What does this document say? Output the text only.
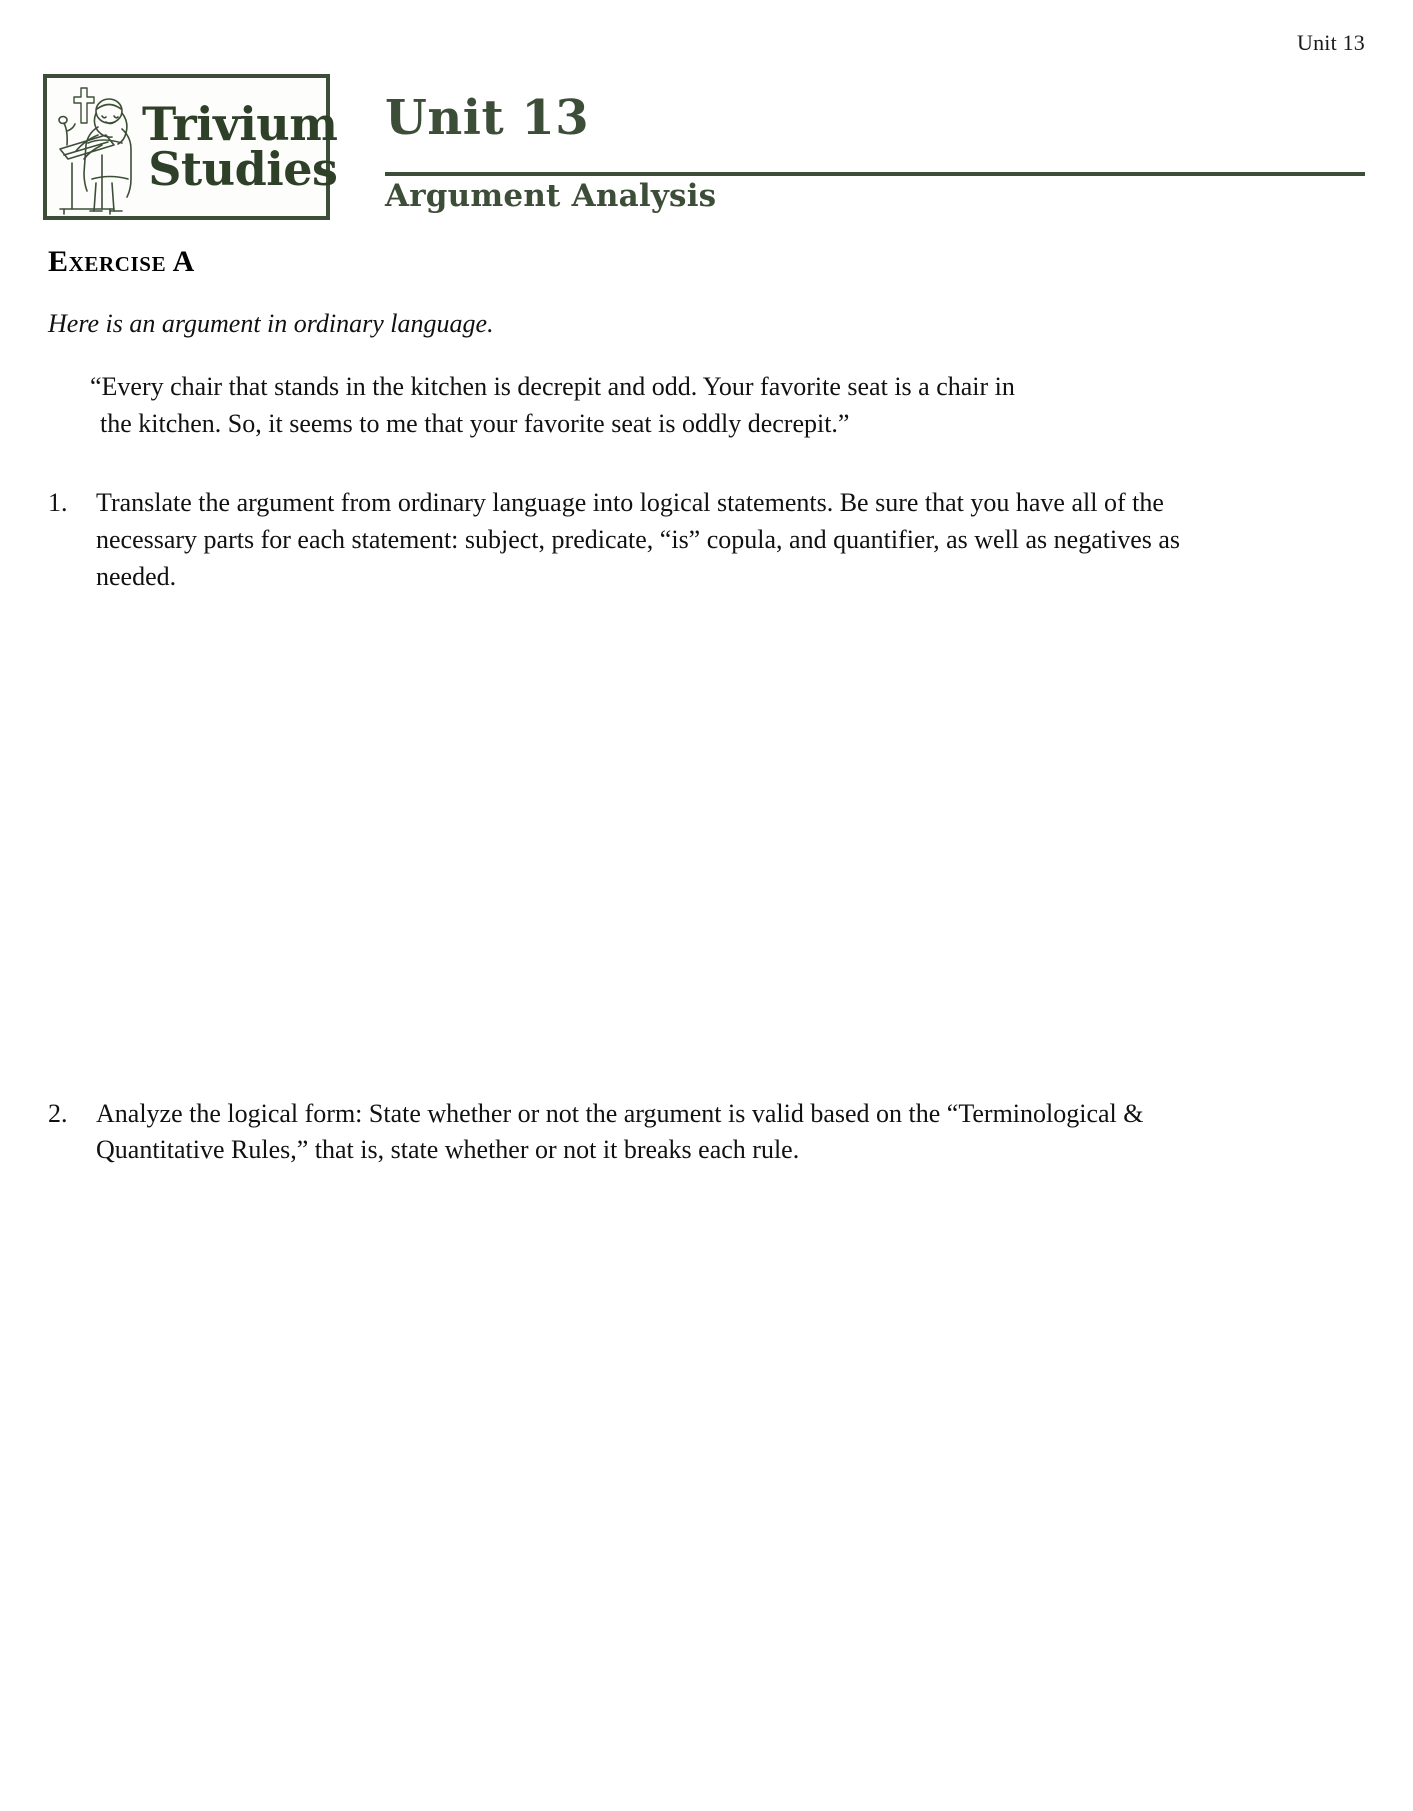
Unit 13
Trivium
Studies
Unit 13
Argument Analysis
Exercise A
Here is an argument in ordinary language.
“Every chair that stands in the kitchen is decrepit and odd. Your favorite seat is a chair in
the kitchen. So, it seems to me that your favorite seat is oddly decrepit.”
1.	Translate the argument from ordinary language into logical statements. Be sure that you have all of the necessary parts for each statement: subject, predicate, “is” copula, and quantifier, as well as negatives as needed.
2.	Analyze the logical form: State whether or not the argument is valid based on the “Terminological & Quantitative Rules,” that is, state whether or not it breaks each rule.
